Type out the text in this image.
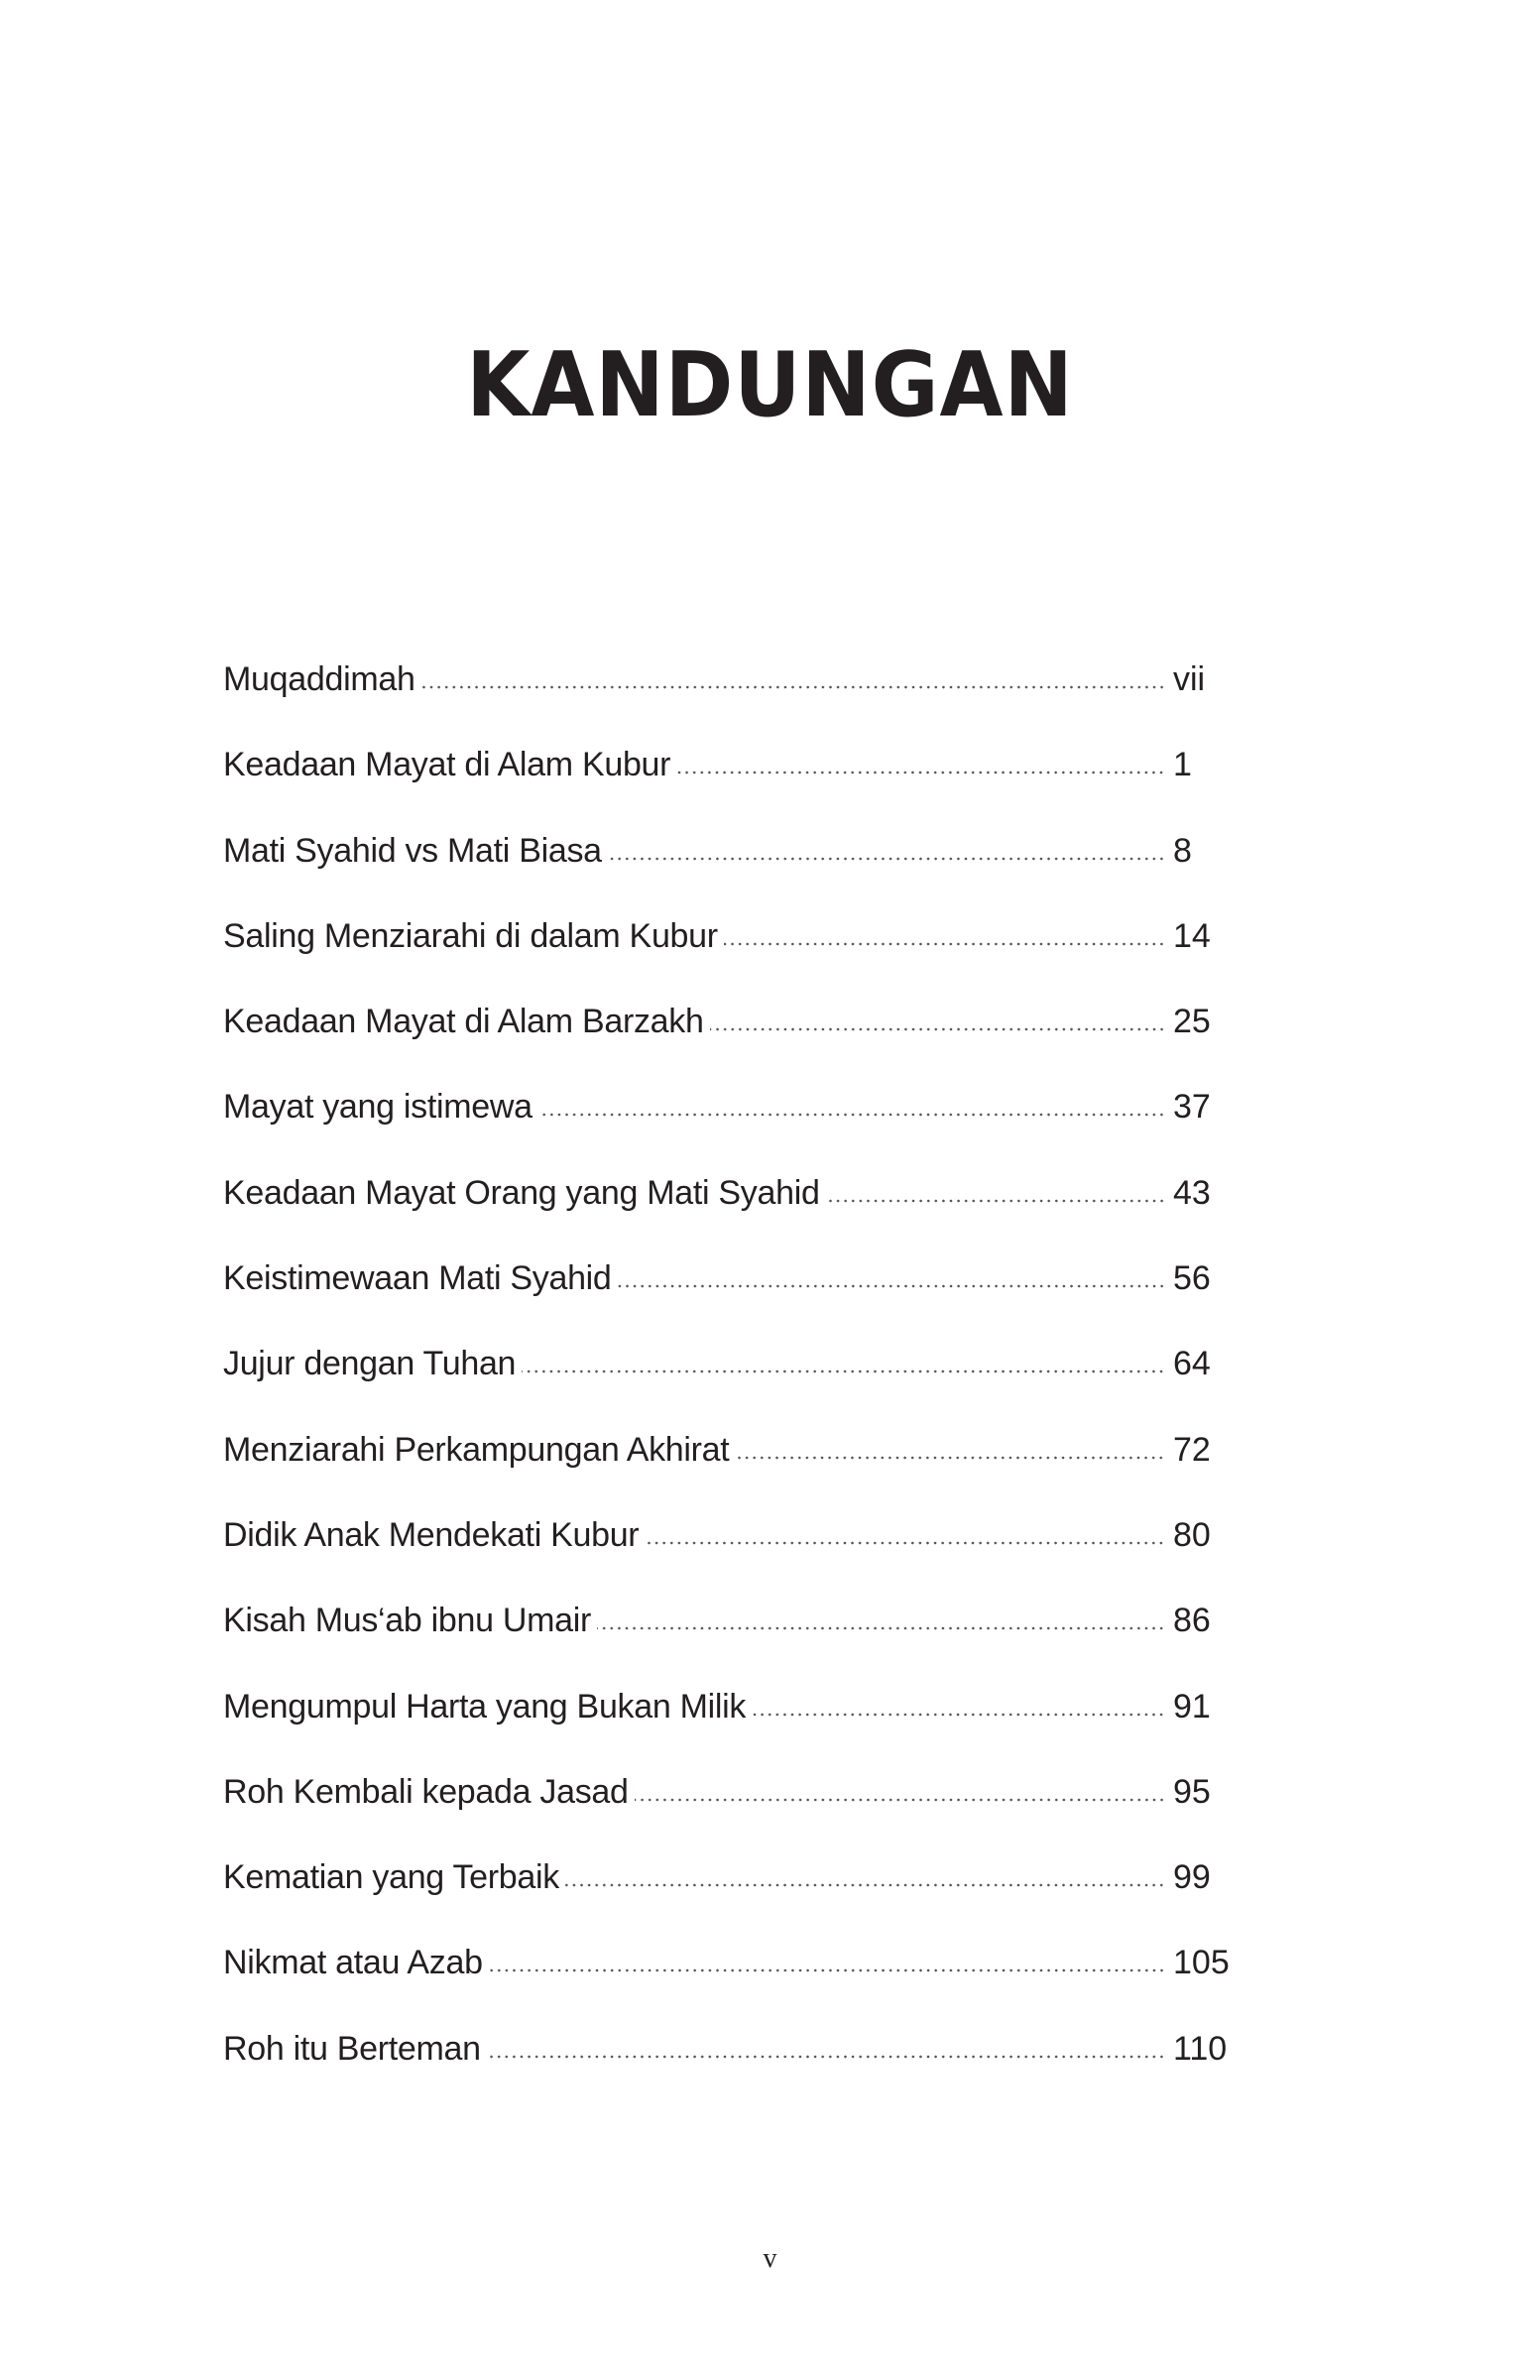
KANDUNGAN
Muqaddimah	vii
Keadaan Mayat di Alam Kubur	1
Mati Syahid vs Mati Biasa	8
Saling Menziarahi di dalam Kubur	14
Keadaan Mayat di Alam Barzakh	25
Mayat yang istimewa	37
Keadaan Mayat Orang yang Mati Syahid	43
Keistimewaan Mati Syahid	56
Jujur dengan Tuhan	64
Menziarahi Perkampungan Akhirat	72
Didik Anak Mendekati Kubur	80
Kisah Mus‘ab ibnu Umair	86
Mengumpul Harta yang Bukan Milik	91
Roh Kembali kepada Jasad	95
Kematian yang Terbaik	99
Nikmat atau Azab	105
Roh itu Berteman	110
v
